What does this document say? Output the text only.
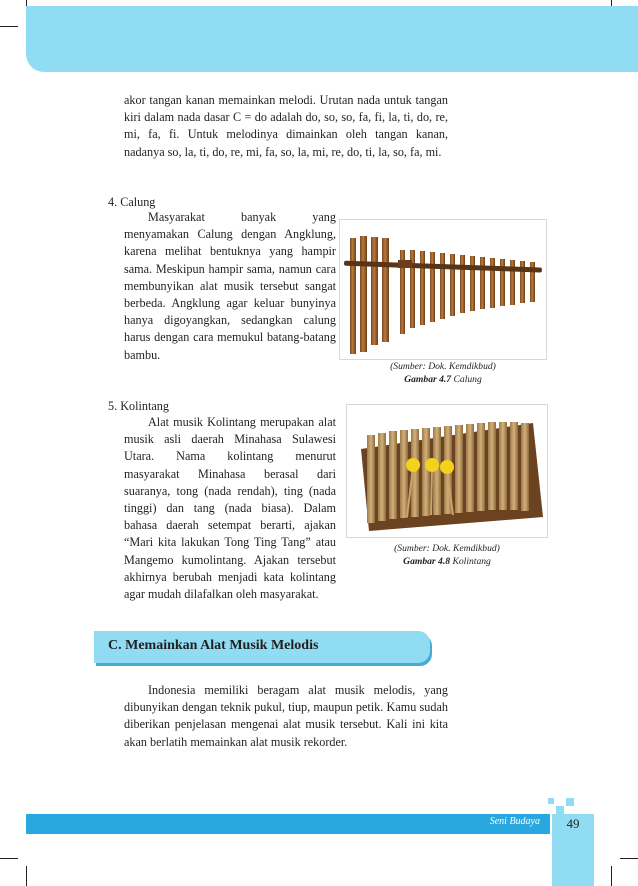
akor tangan kanan memainkan melodi. Urutan nada untuk tangan kiri dalam nada dasar C = do adalah do, so, so, fa, fi, la, ti, do, re, mi, fa, fi. Untuk melodinya dimainkan oleh tangan kanan, nadanya so, la, ti, do, re, mi, fa, so, la, mi, re, do, ti, la, so, fa, mi.

4. Calung

Masyarakat banyak yang menyamakan Calung dengan Angklung, karena melihat bentuknya yang hampir sama. Meskipun hampir sama, namun cara membunyikan alat musik tersebut sangat berbeda. Angklung agar keluar bunyinya hanya digoyangkan, sedangkan calung harus dengan cara memukul batang-batang bambu.

(Sumber: Dok. Kemdikbud)
Gambar 4.7 Calung

5. Kolintang

Alat musik Kolintang merupakan alat musik asli daerah Minahasa Sulawesi Utara. Nama kolintang menurut masyarakat Minahasa berasal dari suaranya, tong (nada rendah), ting (nada tinggi) dan tang (nada biasa). Dalam bahasa daerah setempat berarti, ajakan “Mari kita lakukan Tong Ting Tang” atau Mangemo kumolintang. Ajakan tersebut akhirnya berubah menjadi kata kolintang agar mudah dilafalkan oleh masyarakat.

(Sumber: Dok. Kemdikbud)
Gambar 4.8 Kolintang
C. Memainkan Alat Musik Melodis

Indonesia memiliki beragam alat musik melodis, yang dibunyikan dengan teknik pukul, tiup, maupun petik. Kamu sudah diberikan penjelasan mengenai alat musik tersebut. Kali ini kita akan berlatih memainkan alat musik rekorder.

Seni Budaya	49
